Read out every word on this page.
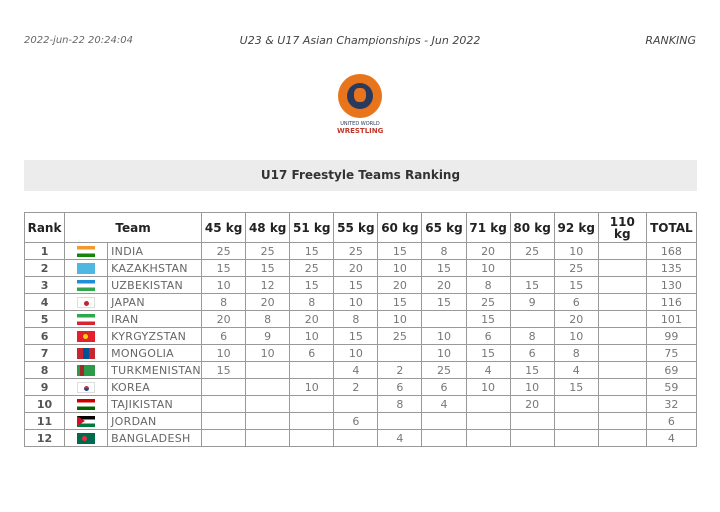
2022-jun-22 20:24:04	U23 & U17 Asian Championships - Jun 2022	RANKING
UNITED WORLD
WRESTLING
U17 Freestyle Teams Ranking
Rank	Team		45 kg	48 kg	51 kg	55 kg	60 kg	65 kg	71 kg	80 kg	92 kg	110 kg	TOTAL
1		INDIA	25	25	15	25	15	8	20	25	10		168
2		KAZAKHSTAN	15	15	25	20	10	15	10		25		135
3		UZBEKISTAN	10	12	15	15	20	20	8	15	15		130
4		JAPAN	8	20	8	10	15	15	25	9	6		116
5		IRAN	20	8	20	8	10		15		20		101
6		KYRGYZSTAN	6	9	10	15	25	10	6	8	10		99
7		MONGOLIA	10	10	6	10		10	15	6	8		75
8		TURKMENISTAN	15			4	2	25	4	15	4		69
9		KOREA			10	2	6	6	10	10	15		59
10		TAJIKISTAN					8	4		20			32
11		JORDAN				6							6
12		BANGLADESH					4						4
